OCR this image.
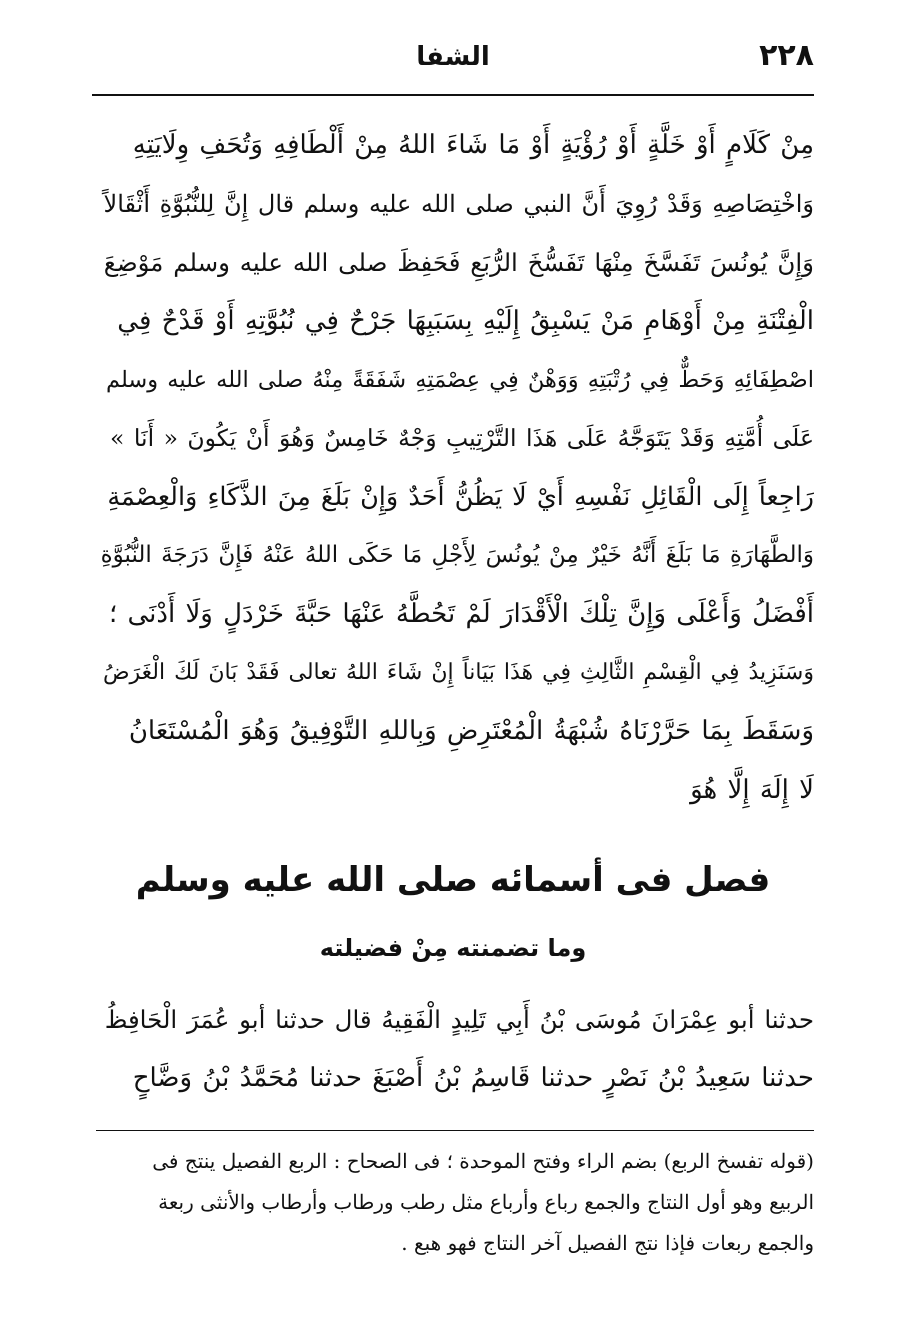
٢٢٨
الشفا
مِنْ كَلَامٍ أَوْ خَلَّةٍ أَوْ رُؤْيَةٍ أَوْ مَا شَاءَ اللهُ مِنْ أَلْطَافِهِ وَتُحَفِ وِلَايَتِهِ
وَاخْتِصَاصِهِ وَقَدْ رُوِيَ أَنَّ النبي صلى الله عليه وسلم قال إِنَّ لِلنُّبُوَّةِ أَثْقَالاً
وَإِنَّ يُونُسَ تَفَسَّخَ مِنْهَا تَفَسُّخَ الرُّبَعِ فَحَفِظَ صلى الله عليه وسلم مَوْضِعَ
الْفِتْنَةِ مِنْ أَوْهَامِ مَنْ يَسْبِقُ إِلَيْهِ بِسَبَبِهَا جَرْحٌ فِي نُبُوَّتِهِ أَوْ قَدْحٌ فِي
اصْطِفَائِهِ وَحَطٌّ فِي رُتْبَتِهِ وَوَهْنٌ فِي عِصْمَتِهِ شَفَقَةً مِنْهُ صلى الله عليه وسلم
عَلَى أُمَّتِهِ وَقَدْ يَتَوَجَّهُ عَلَى هَذَا التَّرْتِيبِ وَجْهٌ خَامِسٌ وَهُوَ أَنْ يَكُونَ « أَنَا »
رَاجِعاً إِلَى الْقَائِلِ نَفْسِهِ أَيْ لَا يَظُنُّ أَحَدٌ وَإِنْ بَلَغَ مِنَ الذَّكَاءِ وَالْعِصْمَةِ
وَالطَّهَارَةِ مَا بَلَغَ أَنَّهُ خَيْرٌ مِنْ يُونُسَ لِأَجْلِ مَا حَكَى اللهُ عَنْهُ فَإِنَّ دَرَجَةَ النُّبُوَّةِ
أَفْضَلُ وَأَعْلَى وَإِنَّ تِلْكَ الْأَقْدَارَ لَمْ تَحُطَّهُ عَنْهَا حَبَّةَ خَرْدَلٍ وَلَا أَدْنَى ؛
وَسَنَزِيدُ فِي الْقِسْمِ الثَّالِثِ فِي هَذَا بَيَاناً إِنْ شَاءَ اللهُ تعالى فَقَدْ بَانَ لَكَ الْغَرَضُ
وَسَقَطَ بِمَا حَرَّرْنَاهُ شُبْهَةُ الْمُعْتَرِضِ وَبِاللهِ التَّوْفِيقُ وَهُوَ الْمُسْتَعَانُ
لَا إِلَهَ إِلَّا هُوَ
فصل فى أسمائه صلى الله عليه وسلم
وما تضمنته مِنْ فضيلته
حدثنا أبو عِمْرَانَ مُوسَى بْنُ أَبِي تَلِيدٍ الْفَقِيهُ قال حدثنا أبو عُمَرَ الْحَافِظُ
حدثنا سَعِيدُ بْنُ نَصْرٍ حدثنا قَاسِمُ بْنُ أَصْبَغَ حدثنا مُحَمَّدُ بْنُ وَضَّاحٍ
(قوله تفسخ الربع) بضم الراء وفتح الموحدة ؛ فى الصحاح : الربع الفصيل ينتج فى
الربيع وهو أول النتاج والجمع رباع وأرباع مثل رطب ورطاب وأرطاب والأنثى ربعة
والجمع ربعات فإذا نتج الفصيل آخر النتاج فهو هبع .
